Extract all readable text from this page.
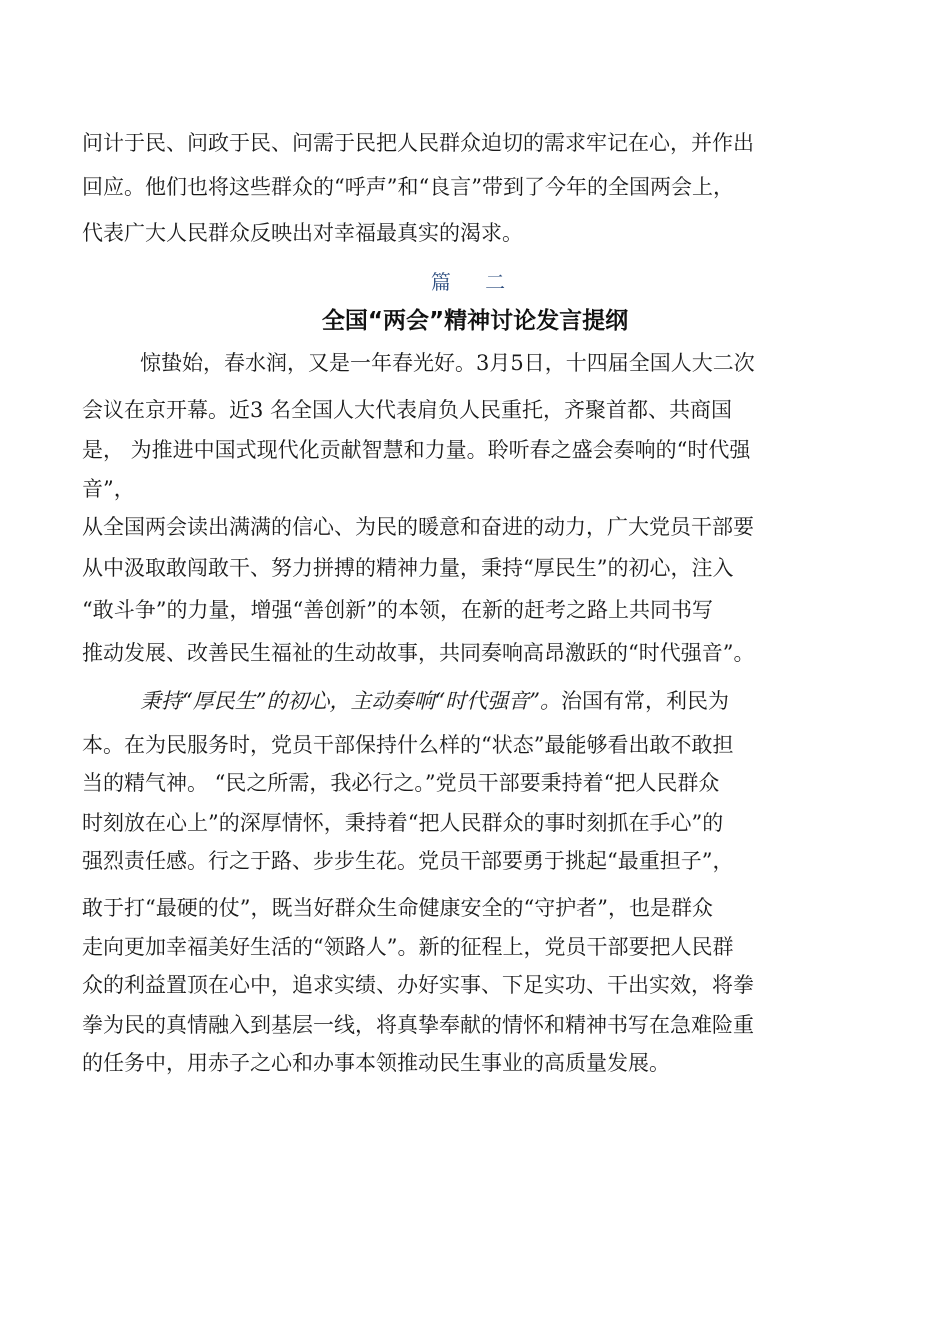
问计于民、问政于民、问需于民把人民群众迫切的需求牢记在心，并作出
回应。他们也将这些群众的“呼声”和“良言”带到了今年的全国两会上，
代表广大人民群众反映出对幸福最真实的渴求。
篇 二
全国“两会”精神讨论发言提纲
惊蛰始，春水润，又是一年春光好。3月5日，十四届全国人大二次
会议在京开幕。近3 名全国人大代表肩负人民重托，齐聚首都、共商国
是， 为推进中国式现代化贡献智慧和力量。聆听春之盛会奏响的“时代强
音”，
从全国两会读出满满的信心、为民的暖意和奋进的动力，广大党员干部要
从中汲取敢闯敢干、努力拼搏的精神力量，秉持“厚民生”的初心，注入
“敢斗争”的力量，增强“善创新”的本领，在新的赶考之路上共同书写
推动发展、改善民生福祉的生动故事，共同奏响高昂激跃的“时代强音”。
秉持“厚民生”的初心，主动奏响“时代强音”。治国有常，利民为
本。在为民服务时，党员干部保持什么样的“状态”最能够看出敢不敢担
当的精气神。 “民之所需，我必行之。”党员干部要秉持着“把人民群众
时刻放在心上”的深厚情怀，秉持着“把人民群众的事时刻抓在手心”的
强烈责任感。行之于路、步步生花。党员干部要勇于挑起“最重担子”，
敢于打“最硬的仗”，既当好群众生命健康安全的“守护者”，也是群众
走向更加幸福美好生活的“领路人”。新的征程上，党员干部要把人民群
众的利益置顶在心中，追求实绩、办好实事、下足实功、干出实效，将拳
拳为民的真情融入到基层一线，将真挚奉献的情怀和精神书写在急难险重
的任务中，用赤子之心和办事本领推动民生事业的高质量发展。
